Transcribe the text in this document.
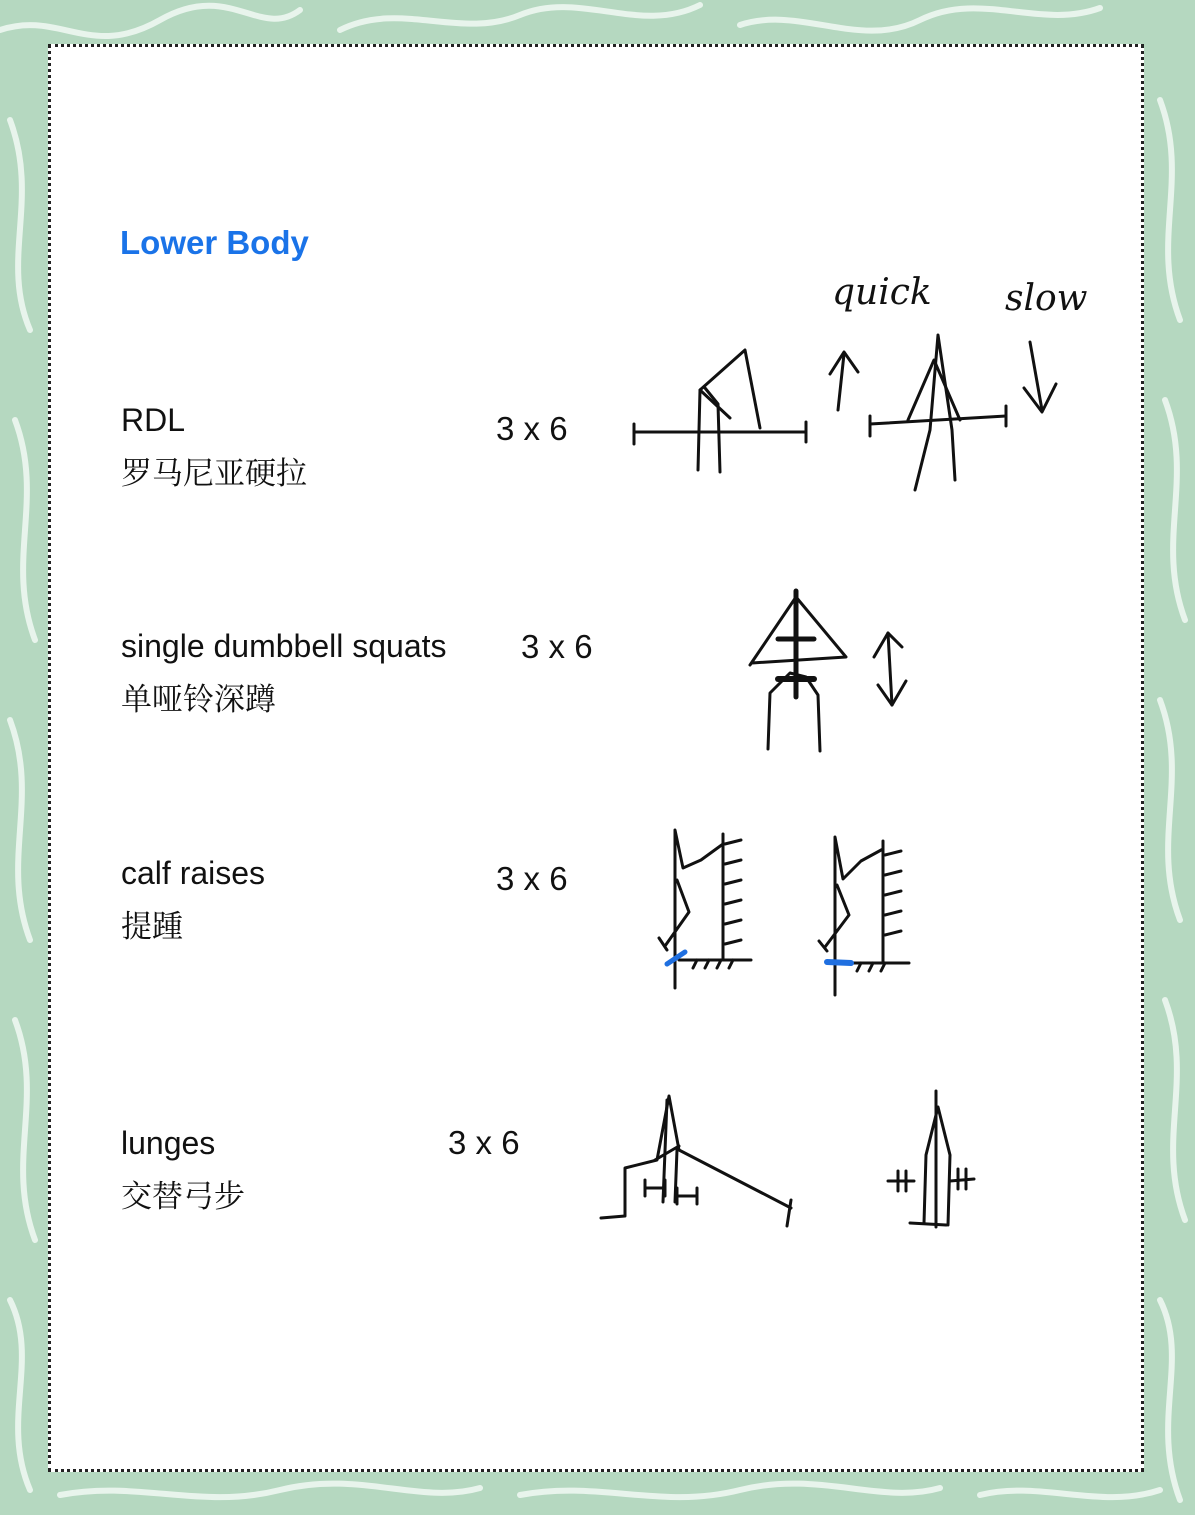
Lower Body
RDL
罗马尼亚硬拉
3 x 6
single dumbbell squats
单哑铃深蹲
3 x 6
calf raises
提踵
3 x 6
lunges
交替弓步
3 x 6
quick slow
